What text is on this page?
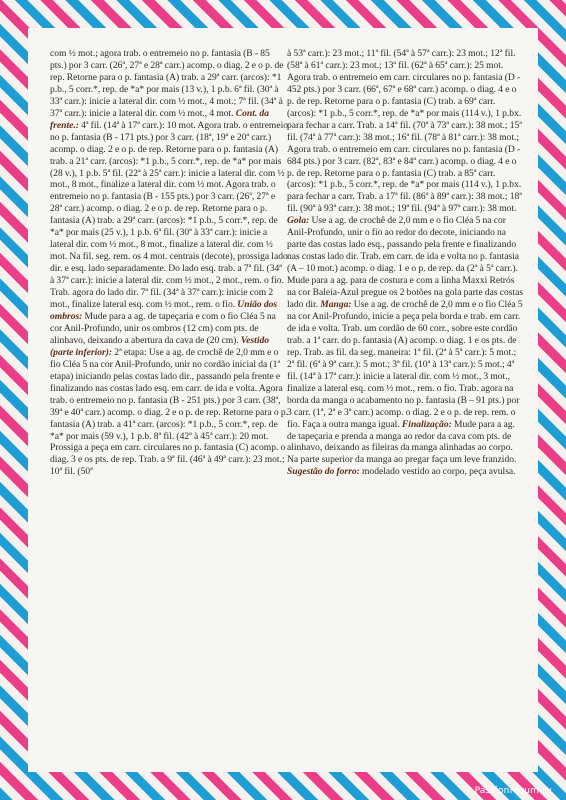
com ½ mot.; agora trab. o entremeio no p. fantasia (B - 85 pts.) por 3 carr. (26ª, 27ª e 28ª carr.) acomp. o diag. 2 e o p. de rep. Retorne para o p. fantasia (A) trab. a 29ª carr. (arcos): *1 p.b., 5 corr.*, rep. de *a* por mais (13 v.), 1 p.b. 6ª fil. (30ª à 33ª carr.): inicie a lateral dir. com ½ mot., 4 mot.; 7ª fil. (34ª à 37ª carr.): inicie a lateral dir. com ½ mot., 4 mot. Cont. da frente.: 4ª fil. (14ª à 17ª carr.): 10 mot. Agora trab. o entremeio no p. fantasia (B - 171 pts.) por 3 carr. (18ª, 19ª e 20ª carr.) acomp. o diag. 2 e o p. de rep. Retorne para o p. fantasia (A) trab. a 21ª carr. (arcos): *1 p.b., 5 corr.*, rep. de *a* por mais (28 v.), 1 p.b. 5ª fil. (22ª à 25ª carr.): inicie a lateral dir. com ½ mot., 8 mot., finalize a lateral dir. com ½ mot. Agora trab. o entremeio no p. fantasia (B - 155 pts.) por 3 carr. (26ª, 27ª e 28ª carr.) acomp. o diag. 2 e o p. de rep. Retorne para o p. fantasia (A) trab. a 29ª carr. (arcos): *1 p.b., 5 corr.*, rep. de *a* por mais (25 v.), 1 p.b. 6ª fil. (30ª à 33ª carr.): inicie a lateral dir. com ½ mot., 8 mot., finalize a lateral dir. com ½ mot. Na fil. seg. rem. os 4 mot. centrais (decote), prossiga lado dir. e esq. lado separadamente. Do lado esq. trab. a 7ª fil. (34ª à 37ª carr.): inicie a lateral dir. com ½ mot., 2 mot., rem. o fio. Trab. agora do lado dir. 7ª fil. (34ª à 37ª carr.): inicie com 2 mot., finalize lateral esq. com ½ mot., rem. o fio. União dos ombros: Mude para a ag. de tapeçaria e com o fio Cléa 5 na cor Anil-Profundo, unir os ombros (12 cm) com pts. de alinhavo, deixando a abertura da cava de (20 cm). Vestido (parte inferior): 2ª etapa: Use a ag. de crochê de 2,0 mm e o fio Cléa 5 na cor Anil-Profundo, unir no cordão inicial da (1ª etapa) iniciando pelas costas lado dir., passando pela frente e finalizando nas costas lado esq. em carr. de ida e volta. Agora trab. o entremeio no p. fantasia (B - 251 pts.) por 3 carr. (38ª, 39ª e 40ª carr.) acomp. o diag. 2 e o p. de rep. Retorne para o p. fantasia (A) trab. a 41ª carr. (arcos): *1 p.b., 5 corr.*, rep. de *a* por mais (59 v.), 1 p.b. 8ª fil. (42ª à 45ª carr.): 20 mot. Prossiga a peça em carr. circulares no p. fantasia (C) acomp. o diag. 3 e os pts. de rep. Trab. a 9ª fil. (46ª à 49ª carr.): 23 mot.; 10ª fil. (50ª
à 53ª carr.): 23 mot.; 11ª fil. (54ª à 57ª carr.): 23 mot.; 12ª fil. (58ª à 61ª carr.): 23 mot.; 13ª fil. (62ª à 65ª carr.): 25 mot. Agora trab. o entremeio em carr. circulares no p. fantasia (D - 452 pts.) por 3 carr. (66ª, 67ª e 68ª carr.) acomp. o diag. 4 e o p. de rep. Retorne para o p. fantasia (C) trab. a 69ª carr. (arcos): *1 p.b., 5 corr.*, rep. de *a* por mais (114 v.), 1 p.bx. para fechar a carr. Trab. a 14ª fil. (70ª à 73ª carr.): 38 mot.; 15ª fil. (74ª à 77ª carr.): 38 mot.; 16ª fil. (78ª à 81ª carr.): 38 mot.; Agora trab. o entremeio em carr. circulares no p. fantasia (D - 684 pts.) por 3 carr. (82ª, 83ª e 84ª carr.) acomp. o diag. 4 e o p. de rep. Retorne para o p. fantasia (C) trab. a 85ª carr. (arcos): *1 p.b., 5 corr.*, rep. de *a* por mais (114 v.), 1 p.bx. para fechar a carr. Trab. a 17ª fil. (86ª à 89ª carr.): 38 mot.; 18ª fil. (90ª à 93ª carr.): 38 mot.; 19ª fil. (94ª à 97ª carr.): 38 mot. Gola: Use a ag. de crochê de 2,0 mm e o fio Cléa 5 na cor Anil-Profundo, unir o fio ao redor do decote, iniciando na parte das costas lado esq., passando pela frente e finalizando nas costas lado dir. Trab. em carr. de ida e volta no p. fantasia (A – 10 mot.) acomp. o diag. 1 e o p. de rep. da (2ª à 5ª carr.). Mude para a ag. para de costura e com a linha Maxxi Retrós na cor Baleia-Azul pregue os 2 botões na gola parte das costas lado dir. Manga: Use a ag. de crochê de 2,0 mm e o fio Cléa 5 na cor Anil-Profundo, inicie a peça pela borda e trab. em carr. de ida e volta. Trab. um cordão de 60 corr., sobre este cordão trab. a 1ª carr. do p. fantasia (A) acomp. o diag. 1 e os pts. de rep. Trab. as fil. da seg. maneira: 1ª fil. (2ª à 5ª carr.): 5 mot.; 2ª fil. (6ª à 9ª carr.): 5 mot.; 3ª fil. (10ª à 13ª carr.): 5 mot.; 4ª fil. (14ª à 17ª carr.): inicie a lateral dir. com ½ mot., 3 mot., finalize a lateral esq. com ½ mot., rem. o fio. Trab. agora na borda da manga o acabamento no p. fantasia (B – 91 pts.) por 3 carr. (1ª, 2ª e 3ª carr.) acomp. o diag. 2 e o p. de rep. rem. o fio. Faça a outra manga igual. Finalização: Mude para a ag. de tapeçaria e prenda a manga ao redor da cava com pts. de alinhavo, deixando as fileiras da manga alinhadas ao corpo. Na parte superior da manga ao pregar faça um leve franzido. Sugestão do forro: modelado vestido ao corpo, peça avulsa.
PassionForum.ru
